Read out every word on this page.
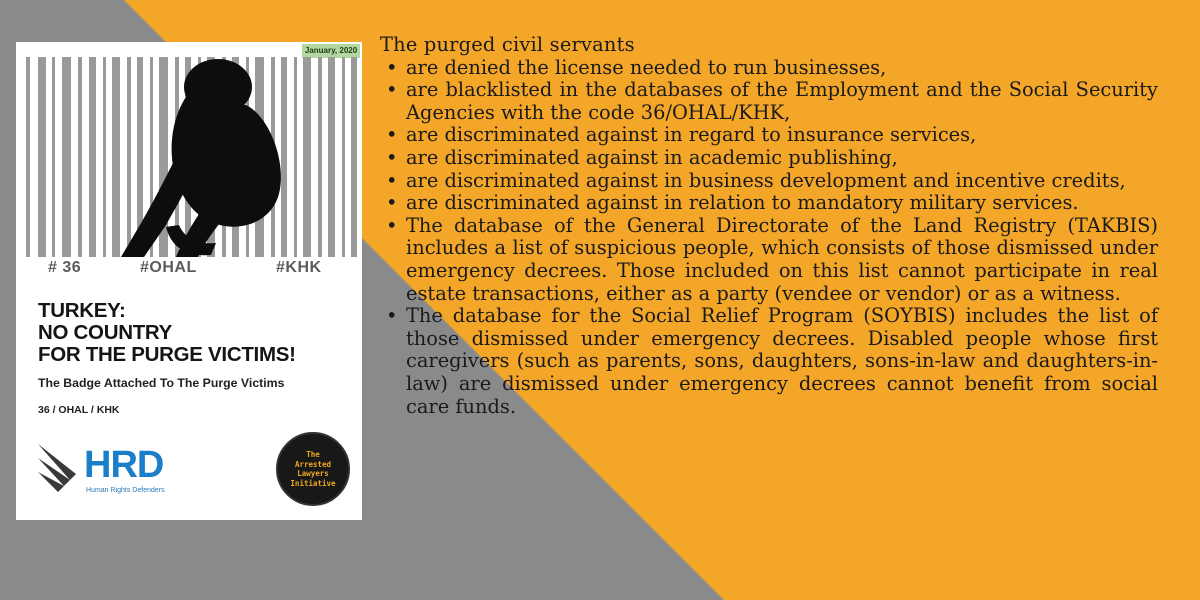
January, 2020
# 36	#OHAL	#KHK
TURKEY:
NO COUNTRY
FOR THE PURGE VICTIMS!
The Badge Attached To The Purge Victims
36 / OHAL / KHK
HRD
Human Rights Defenders
The
Arrested
Lawyers
Initiative

The purged civil servants

• are denied the license needed to run businesses,
• are blacklisted in the databases of the Employment and the Social Security Agencies with the code 36/OHAL/KHK,
• are discriminated against in regard to insurance services,
• are discriminated against in academic publishing,
• are discriminated against in business development and incentive credits,
• are discriminated against in relation to mandatory military services.
• The database of the General Directorate of the Land Registry (TAKBIS) includes a list of suspicious people, which consists of those dismissed under emergency decrees. Those included on this list cannot participate in real estate transactions, either as a party (vendee or vendor) or as a witness.
• The database for the Social Relief Program (SOYBIS) includes the list of those dismissed under emergency decrees. Disabled people whose first caregivers (such as parents, sons, daughters, sons-in-law and daughters-in- law) are dismissed under emergency decrees cannot benefit from social care funds.
